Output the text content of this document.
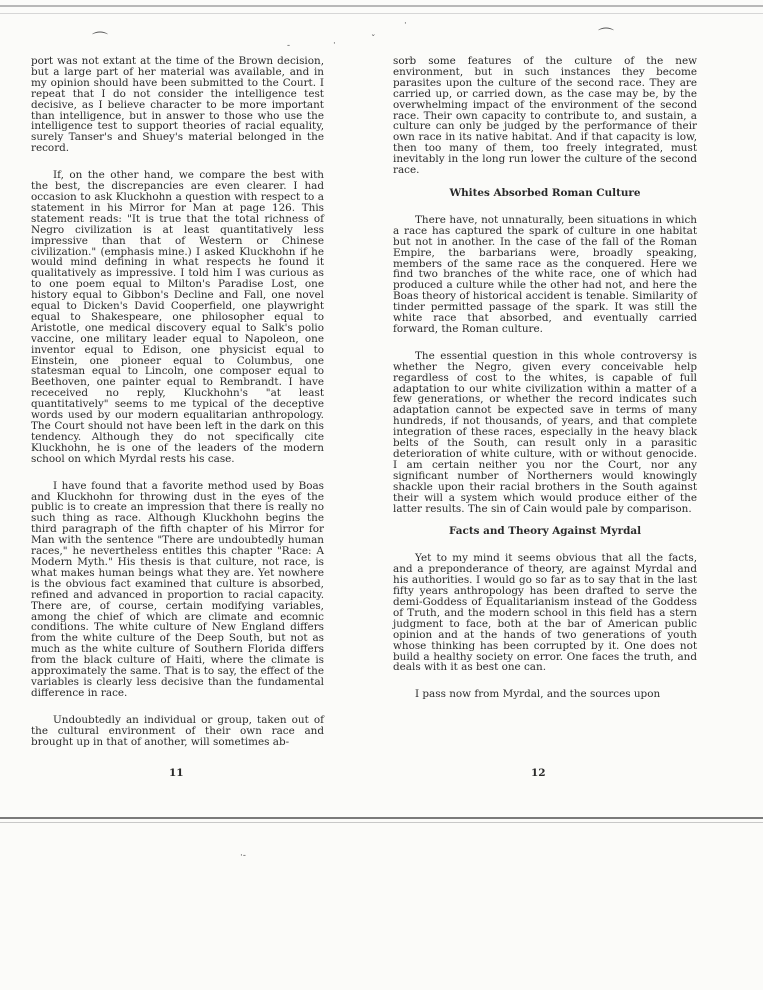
⌒	⌒
-	·	ˇ
·
·-

port was not extant at the time of the Brown decision, but a large part of her material was available, and in my opinion should have been submitted to the Court. I repeat that I do not consider the intelligence test decisive, as I believe character to be more important than intelligence, but in answer to those who use the intelligence test to support theories of racial equality, surely Tanser's and Shuey's material belonged in the record.

If, on the other hand, we compare the best with the best, the discrepancies are even clearer. I had occasion to ask Kluckhohn a question with respect to a statement in his Mirror for Man at page 126. This statement reads: "It is true that the total richness of Negro civilization is at least quantitatively less impressive than that of Western or Chinese civilization." (emphasis mine.) I asked Kluckhohn if he would mind defining in what respects he found it qualitatively as impressive. I told him I was curious as to one poem equal to Milton's Paradise Lost, one history equal to Gibbon's Decline and Fall, one novel equal to Dicken's David Cooperfield, one playwright equal to Shakespeare, one philosopher equal to Aristotle, one medical discovery equal to Salk's polio vaccine, one military leader equal to Napoleon, one inventor equal to Edison, one physicist equal to Einstein, one pioneer equal to Columbus, one statesman equal to Lincoln, one composer equal to Beethoven, one painter equal to Rembrandt. I have receceived no reply, Kluckhohn's "at least quantitatively" seems to me typical of the deceptive words used by our modern equalitarian anthropology. The Court should not have been left in the dark on this tendency. Although they do not specifically cite Kluckhohn, he is one of the leaders of the modern school on which Myrdal rests his case.

I have found that a favorite method used by Boas and Kluckhohn for throwing dust in the eyes of the public is to create an impression that there is really no such thing as race. Although Kluckhohn begins the third paragraph of the fifth chapter of his Mirror for Man with the sentence "There are undoubtedly human races," he nevertheless entitles this chapter "Race: A Modern Myth." His thesis is that culture, not race, is what makes human beings what they are. Yet nowhere is the obvious fact examined that culture is absorbed, refined and advanced in proportion to racial capacity. There are, of course, certain modifying variables, among the chief of which are climate and ecomnic conditions. The white culture of New England differs from the white culture of the Deep South, but not as much as the white culture of Southern Florida differs from the black culture of Haiti, where the climate is approximately the same. That is to say, the effect of the variables is clearly less decisive than the fundamental difference in race.

Undoubtedly an individual or group, taken out of the cultural environment of their own race and brought up in that of another, will sometimes ab-

11

sorb some features of the culture of the new environment, but in such instances they become parasites upon the culture of the second race. They are carried up, or carried down, as the case may be, by the overwhelming impact of the environment of the second race. Their own capacity to contribute to, and sustain, a culture can only be judged by the performance of their own race in its native habitat. And if that capacity is low, then too many of them, too freely integrated, must inevitably in the long run lower the culture of the second race.

Whites Absorbed Roman Culture

There have, not unnaturally, been situations in which a race has captured the spark of culture in one habitat but not in another. In the case of the fall of the Roman Empire, the barbarians were, broadly speaking, members of the same race as the conquered. Here we find two branches of the white race, one of which had produced a culture while the other had not, and here the Boas theory of historical accident is tenable. Similarity of tinder permitted passage of the spark. It was still the white race that absorbed, and eventually carried forward, the Roman culture.

The essential question in this whole controversy is whether the Negro, given every conceivable help regardless of cost to the whites, is capable of full adaptation to our white civilization within a matter of a few generations, or whether the record indicates such adaptation cannot be expected save in terms of many hundreds, if not thousands, of years, and that complete integration of these races, especially in the heavy black belts of the South, can result only in a parasitic deterioration of white culture, with or without genocide. I am certain neither you nor the Court, nor any significant number of Northerners would knowingly shackle upon their racial brothers in the South against their will a system which would produce either of the latter results. The sin of Cain would pale by comparison.

Facts and Theory Against Myrdal

Yet to my mind it seems obvious that all the facts, and a preponderance of theory, are against Myrdal and his authorities. I would go so far as to say that in the last fifty years anthropology has been drafted to serve the demi-Goddess of Equalitarianism instead of the Goddess of Truth, and the modern school in this field has a stern judgment to face, both at the bar of American public opinion and at the hands of two generations of youth whose thinking has been corrupted by it. One does not build a healthy society on error. One faces the truth, and deals with it as best one can.

I pass now from Myrdal, and the sources upon

12
